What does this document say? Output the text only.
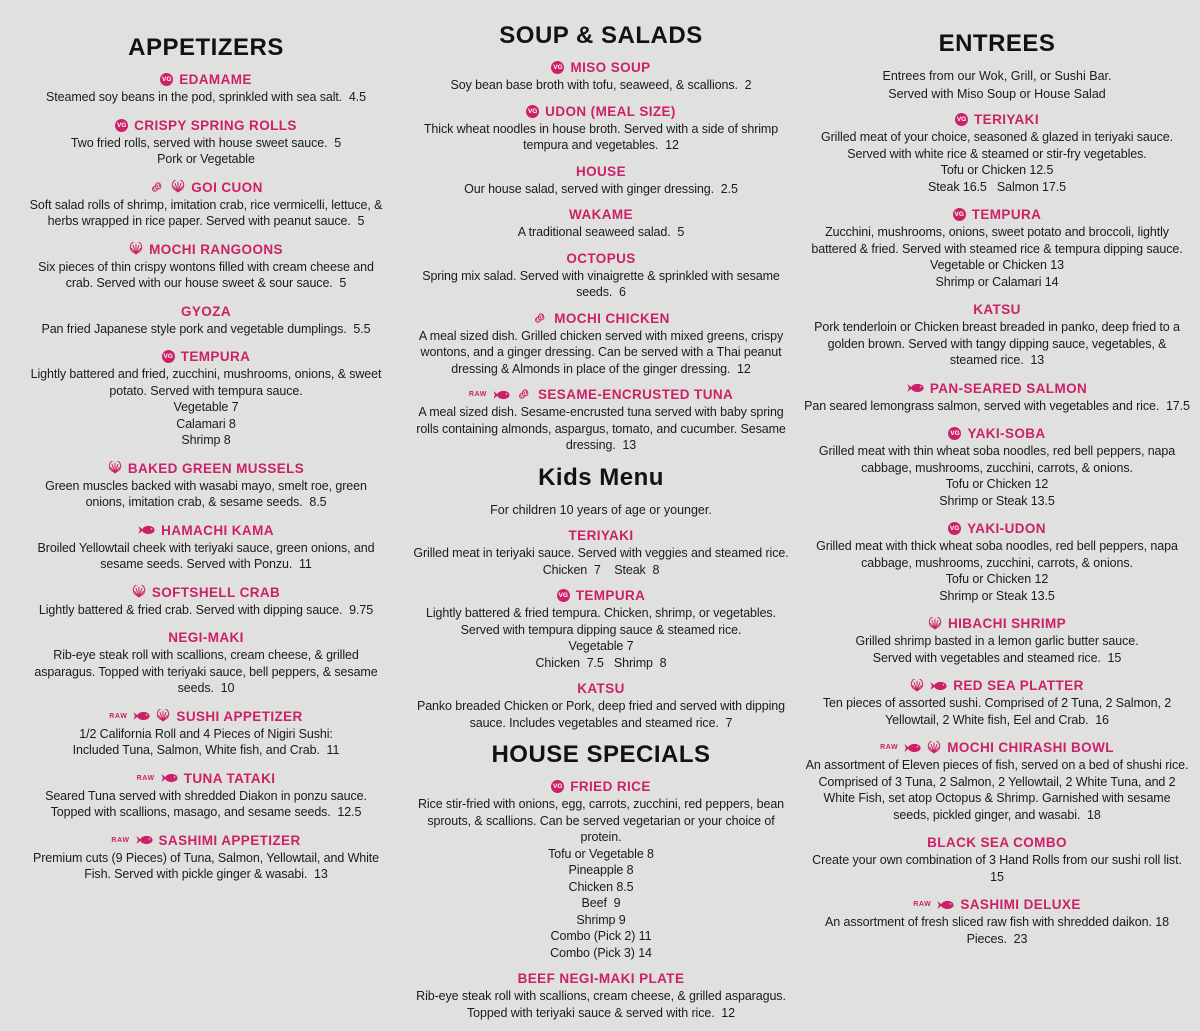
APPETIZERS
VG EDAMAME
Steamed soy beans in the pod, sprinkled with sea salt.  4.5
VG CRISPY SPRING ROLLS
Two fried rolls, served with house sweet sauce.  5
Pork or Vegetable
GOI CUON
Soft salad rolls of shrimp, imitation crab, rice vermicelli, lettuce, & herbs wrapped in rice paper. Served with peanut sauce.  5
MOCHI RANGOONS
Six pieces of thin crispy wontons filled with cream cheese and crab. Served with our house sweet & sour sauce.  5
GYOZA
Pan fried Japanese style pork and vegetable dumplings.  5.5
VG TEMPURA
Lightly battered and fried, zucchini, mushrooms, onions, & sweet potato. Served with tempura sauce.
Vegetable 7
Calamari 8
Shrimp 8
BAKED GREEN MUSSELS
Green muscles backed with wasabi mayo, smelt roe, green onions, imitation crab, & sesame seeds.  8.5
HAMACHI KAMA
Broiled Yellowtail cheek with teriyaki sauce, green onions, and sesame seeds. Served with Ponzu.  11
SOFTSHELL CRAB
Lightly battered & fried crab. Served with dipping sauce.  9.75
NEGI-MAKI
Rib-eye steak roll with scallions, cream cheese, & grilled asparagus. Topped with teriyaki sauce, bell peppers, & sesame seeds.  10
RAW	SUSHI APPETIZER
1/2 California Roll and 4 Pieces of Nigiri Sushi:
Included Tuna, Salmon, White fish, and Crab.  11
RAW TUNA TATAKI
Seared Tuna served with shredded Diakon in ponzu sauce. Topped with scallions, masago, and sesame seeds.  12.5
RAW SASHIMI APPETIZER
Premium cuts (9 Pieces) of Tuna, Salmon, Yellowtail, and White Fish. Served with pickle ginger & wasabi.  13
SOUP & SALADS
VG MISO SOUP
Soy bean base broth with tofu, seaweed, & scallions.  2
VG UDON (MEAL SIZE)
Thick wheat noodles in house broth. Served with a side of shrimp tempura and vegetables.  12
HOUSE
Our house salad, served with ginger dressing.  2.5
WAKAME
A traditional seaweed salad.  5
OCTOPUS
Spring mix salad. Served with vinaigrette & sprinkled with sesame seeds.  6
MOCHI CHICKEN
A meal sized dish. Grilled chicken served with mixed greens, crispy wontons, and a ginger dressing. Can be served with a Thai peanut dressing & Almonds in place of the ginger dressing.  12
RAW	SESAME-ENCRUSTED TUNA
A meal sized dish. Sesame-encrusted tuna served with baby spring rolls containing almonds, aspargus, tomato, and cucumber. Sesame dressing.  13
Kids Menu
For children 10 years of age or younger.
TERIYAKI
Grilled meat in teriyaki sauce. Served with veggies and steamed rice.
Chicken  7    Steak  8
VG TEMPURA
Lightly battered & fried tempura. Chicken, shrimp, or vegetables. Served with tempura dipping sauce & steamed rice.
Vegetable 7
Chicken  7.5   Shrimp  8
KATSU
Panko breaded Chicken or Pork, deep fried and served with dipping sauce. Includes vegetables and steamed rice.  7
HOUSE SPECIALS
VG FRIED RICE
Rice stir-fried with onions, egg, carrots, zucchini, red peppers, bean sprouts, & scallions. Can be served vegetarian or your choice of protein.
Tofu or Vegetable 8
Pineapple 8
Chicken 8.5
Beef  9
Shrimp 9
Combo (Pick 2) 11
Combo (Pick 3) 14
BEEF NEGI-MAKI PLATE
Rib-eye steak roll with scallions, cream cheese, & grilled asparagus. Topped with teriyaki sauce & served with rice.  12
ENTREES
Entrees from our Wok, Grill, or Sushi Bar.
Served with Miso Soup or House Salad
VG TERIYAKI
Grilled meat of your choice, seasoned & glazed in teriyaki sauce. Served with white rice & steamed or stir-fry vegetables.
Tofu or Chicken 12.5
Steak 16.5   Salmon 17.5
VG TEMPURA
Zucchini, mushrooms, onions, sweet potato and broccoli, lightly battered & fried. Served with steamed rice & tempura dipping sauce.
Vegetable or Chicken 13
Shrimp or Calamari 14
KATSU
Pork tenderloin or Chicken breast breaded in panko, deep fried to a golden brown. Served with tangy dipping sauce, vegetables, & steamed rice.  13
PAN-SEARED SALMON
Pan seared lemongrass salmon, served with vegetables and rice.  17.5
VG YAKI-SOBA
Grilled meat with thin wheat soba noodles, red bell peppers, napa cabbage, mushrooms, zucchini, carrots, & onions.
Tofu or Chicken 12
Shrimp or Steak 13.5
VG YAKI-UDON
Grilled meat with thick wheat soba noodles, red bell peppers, napa cabbage, mushrooms, zucchini, carrots, & onions.
Tofu or Chicken 12
Shrimp or Steak 13.5
HIBACHI SHRIMP
Grilled shrimp basted in a lemon garlic butter sauce.
Served with vegetables and steamed rice.  15
RED SEA PLATTER
Ten pieces of assorted sushi. Comprised of 2 Tuna, 2 Salmon, 2 Yellowtail, 2 White fish, Eel and Crab.  16
RAW	MOCHI CHIRASHI BOWL
An assortment of Eleven pieces of fish, served on a bed of shushi rice. Comprised of 3 Tuna, 2 Salmon, 2 Yellowtail, 2 White Tuna, and 2 White Fish, set atop Octopus & Shrimp. Garnished with sesame seeds, pickled ginger, and wasabi.  18
BLACK SEA COMBO
Create your own combination of 3 Hand Rolls from our sushi roll list.  15
RAW SASHIMI DELUXE
An assortment of fresh sliced raw fish with shredded daikon. 18 Pieces.  23
